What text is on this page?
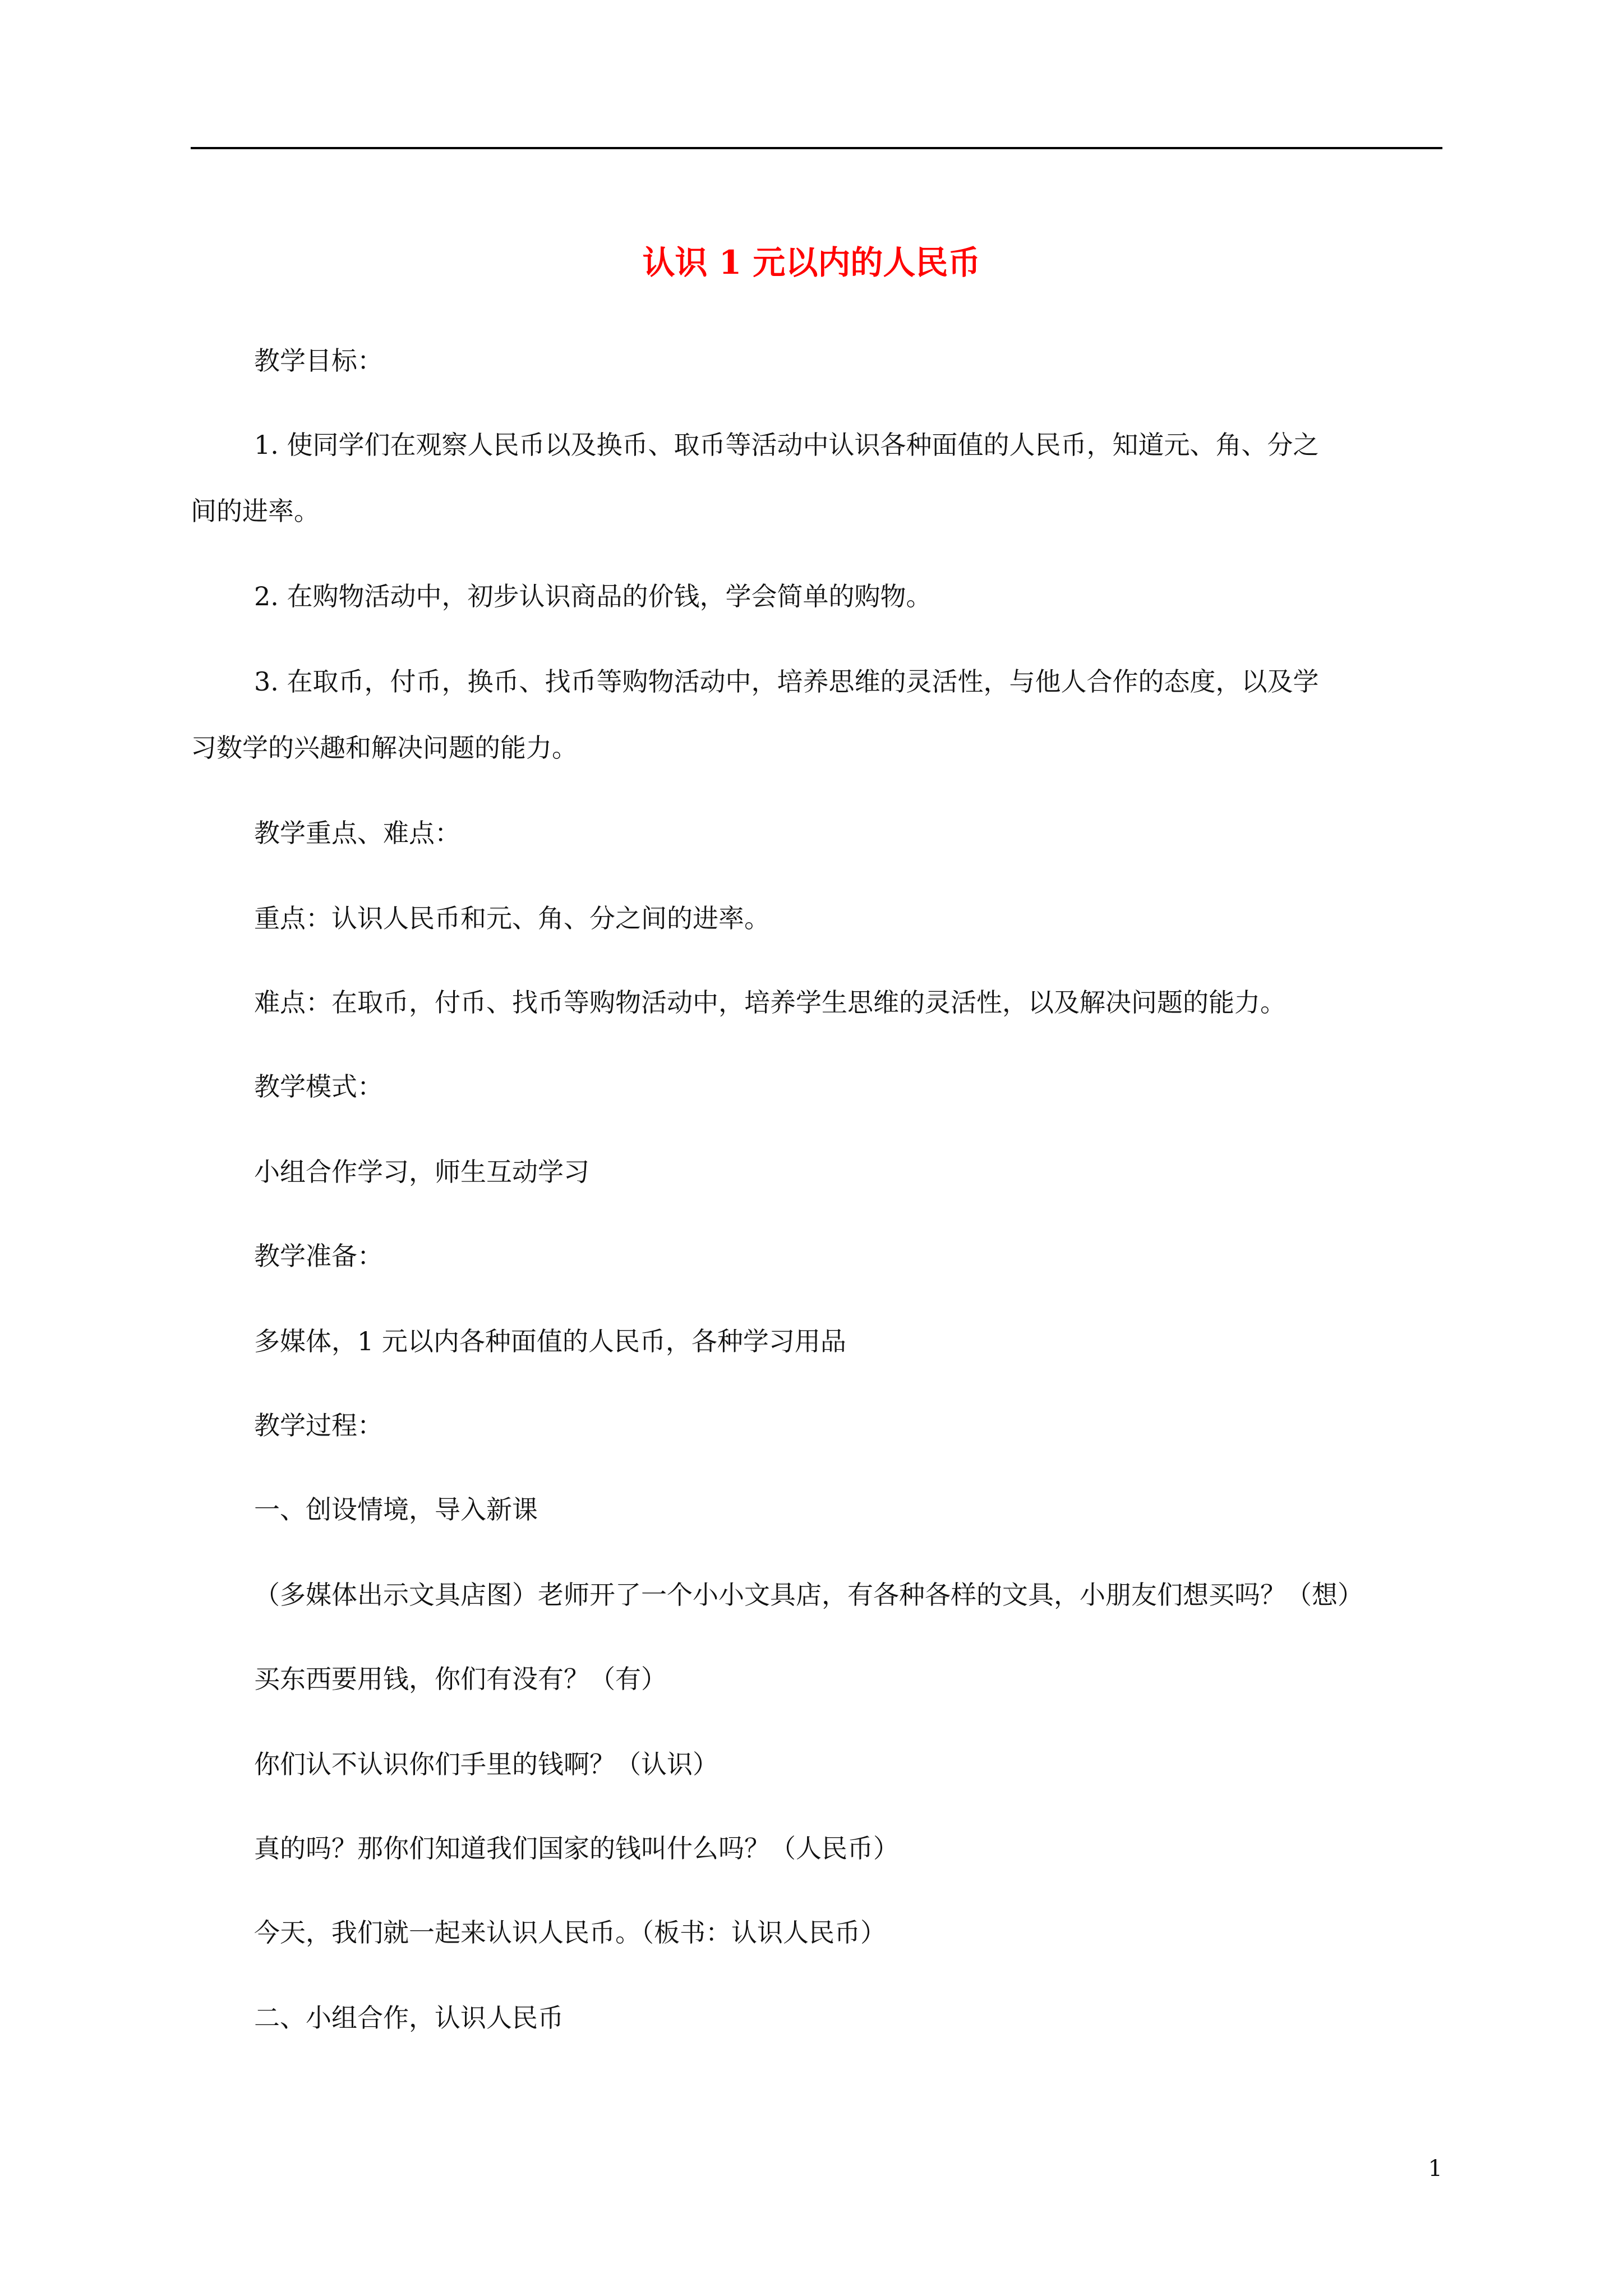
认识 1 元以内的人民币
教学目标：
1. 使同学们在观察人民币以及换币、取币等活动中认识各种面值的人民币，知道元、角、分之
间的进率。
2. 在购物活动中，初步认识商品的价钱，学会简单的购物。
3. 在取币，付币，换币、找币等购物活动中，培养思维的灵活性，与他人合作的态度，以及学
习数学的兴趣和解决问题的能力。
教学重点、难点：
重点：认识人民币和元、角、分之间的进率。
难点：在取币，付币、找币等购物活动中，培养学生思维的灵活性，以及解决问题的能力。
教学模式：
小组合作学习，师生互动学习
教学准备：
多媒体，1 元以内各种面值的人民币，各种学习用品
教学过程：
一、创设情境，导入新课
（多媒体出示文具店图）老师开了一个小小文具店，有各种各样的文具，小朋友们想买吗？（想）
买东西要用钱，你们有没有？（有）
你们认不认识你们手里的钱啊？（认识）
真的吗？那你们知道我们国家的钱叫什么吗？（人民币）
今天，我们就一起来认识人民币。（板书：认识人民币）
二、小组合作，认识人民币
1
